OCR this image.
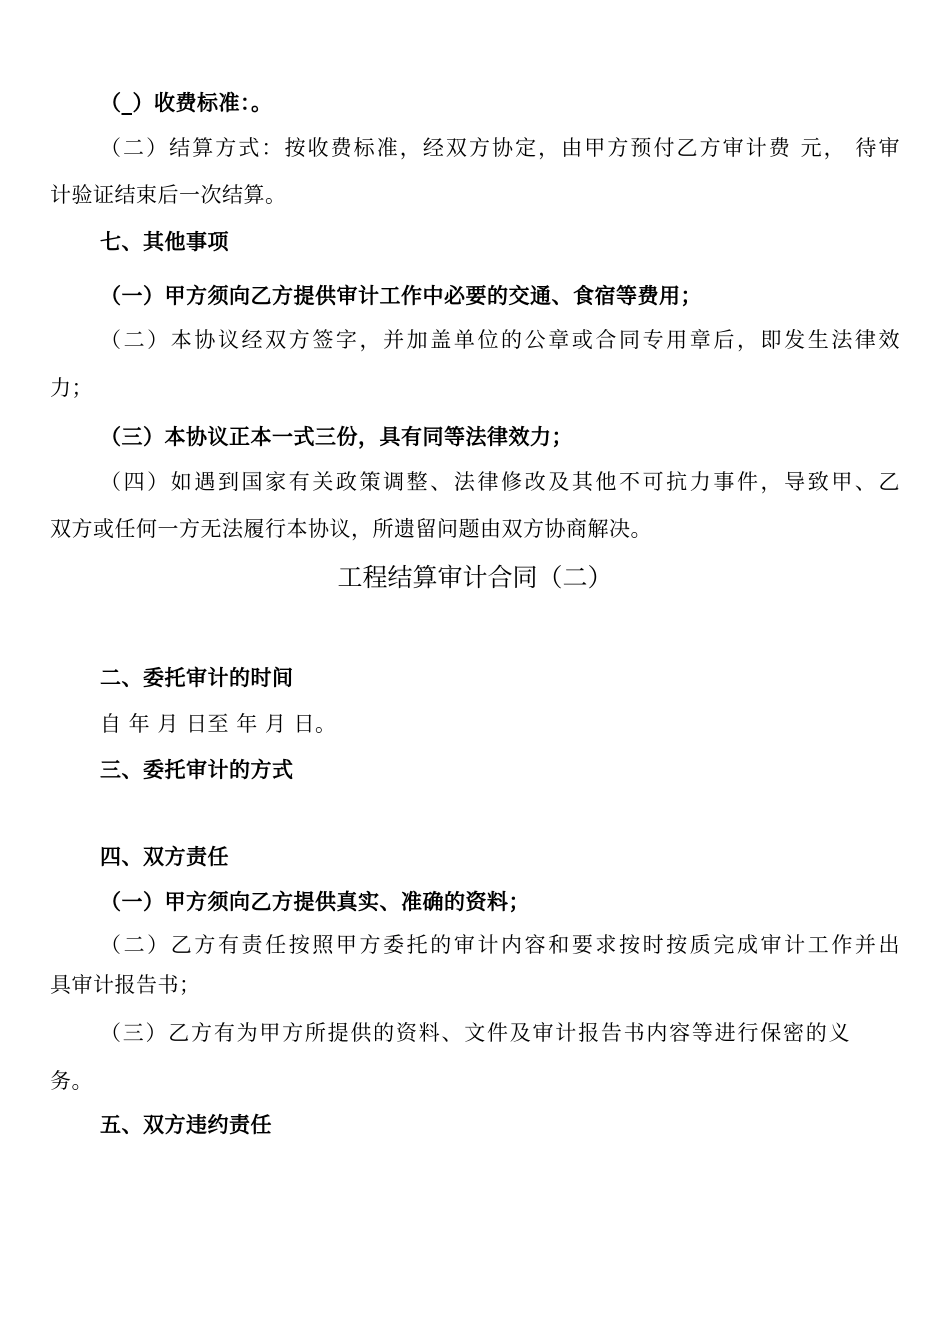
（_）收费标准：。
（二）结算方式：按收费标准，经双方协定，由甲方预付乙方审计费 元， 待审
计验证结束后一次结算。
七、其他事项
（一）甲方须向乙方提供审计工作中必要的交通、食宿等费用；
（二）本协议经双方签字，并加盖单位的公章或合同专用章后，即发生法律效
力；
（三）本协议正本一式三份，具有同等法律效力；
（四）如遇到国家有关政策调整、法律修改及其他不可抗力事件，导致甲、乙
双方或任何一方无法履行本协议，所遗留问题由双方协商解决。
工程结算审计合同（二）
二、委托审计的时间
自 年 月 日至 年 月 日。
三、委托审计的方式
四、双方责任
（一）甲方须向乙方提供真实、准确的资料；
（二）乙方有责任按照甲方委托的审计内容和要求按时按质完成审计工作并出
具审计报告书；
（三）乙方有为甲方所提供的资料、文件及审计报告书内容等进行保密的义
务。
五、双方违约责任
